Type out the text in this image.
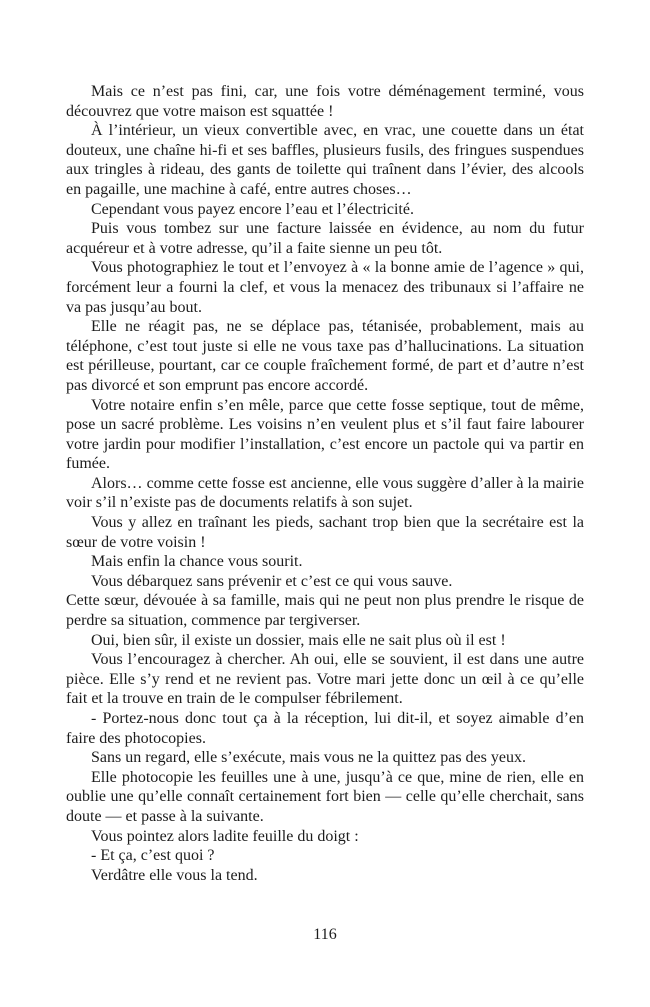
Mais ce n’est pas fini, car, une fois votre déménagement terminé, vous découvrez que votre maison est squattée !

À l’intérieur, un vieux convertible avec, en vrac, une couette dans un état douteux, une chaîne hi-fi et ses baffles, plusieurs fusils, des fringues suspendues aux tringles à rideau, des gants de toilette qui traînent dans l’évier, des alcools en pagaille, une machine à café, entre autres choses…

Cependant vous payez encore l’eau et l’électricité.

Puis vous tombez sur une facture laissée en évidence, au nom du futur acquéreur et à votre adresse, qu’il a faite sienne un peu tôt.

Vous photographiez le tout et l’envoyez à « la bonne amie de l’agence » qui, forcément leur a fourni la clef, et vous la menacez des tribunaux si l’affaire ne va pas jusqu’au bout.

Elle ne réagit pas, ne se déplace pas, tétanisée, probablement, mais au téléphone, c’est tout juste si elle ne vous taxe pas d’hallucinations. La situation est périlleuse, pourtant, car ce couple fraîchement formé, de part et d’autre n’est pas divorcé et son emprunt pas encore accordé.

Votre notaire enfin s’en mêle, parce que cette fosse septique, tout de même, pose un sacré problème. Les voisins n’en veulent plus et s’il faut faire labourer votre jardin pour modifier l’installation, c’est encore un pactole qui va partir en fumée.

Alors… comme cette fosse est ancienne, elle vous suggère d’aller à la mairie voir s’il n’existe pas de documents relatifs à son sujet.

Vous y allez en traînant les pieds, sachant trop bien que la secrétaire est la sœur de votre voisin !

Mais enfin la chance vous sourit.

Vous débarquez sans prévenir et c’est ce qui vous sauve.

Cette sœur, dévouée à sa famille, mais qui ne peut non plus prendre le risque de perdre sa situation, commence par tergiverser.

Oui, bien sûr, il existe un dossier, mais elle ne sait plus où il est !

Vous l’encouragez à chercher. Ah oui, elle se souvient, il est dans une autre pièce. Elle s’y rend et ne revient pas. Votre mari jette donc un œil à ce qu’elle fait et la trouve en train de le compulser fébrilement.

- Portez-nous donc tout ça à la réception, lui dit-il, et soyez aimable d’en faire des photocopies.

Sans un regard, elle s’exécute, mais vous ne la quittez pas des yeux.

Elle photocopie les feuilles une à une, jusqu’à ce que, mine de rien, elle en oublie une qu’elle connaît certainement fort bien — celle qu’elle cherchait, sans doute — et passe à la suivante.

Vous pointez alors ladite feuille du doigt :

- Et ça, c’est quoi ?

Verdâtre elle vous la tend.

116
